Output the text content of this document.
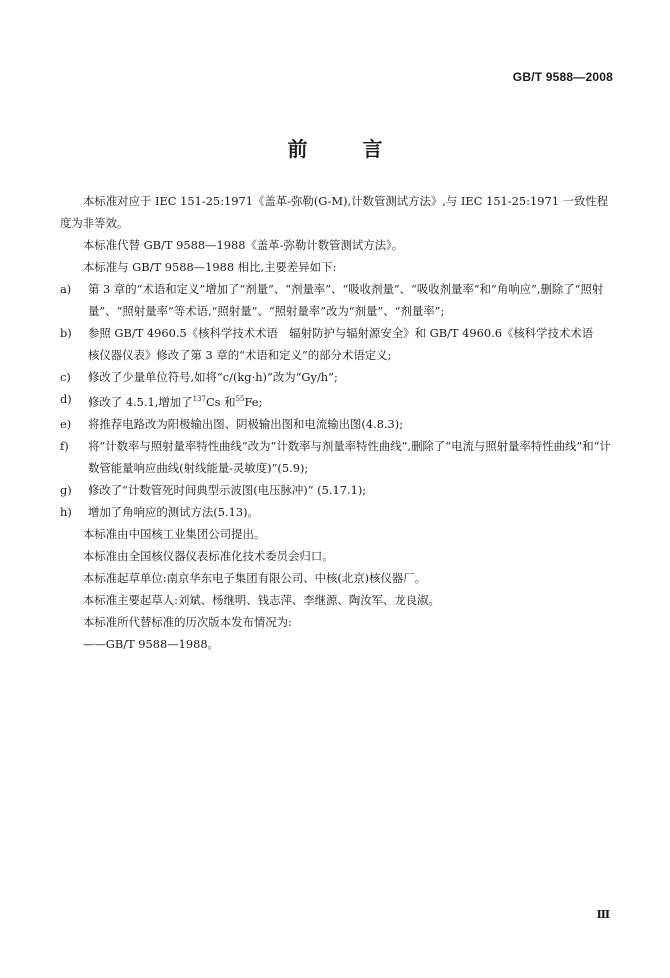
GB/T 9588—2008
前 言
本标准对应于 IEC 151-25:1971《盖革-弥勒(G-M),计数管测试方法》,与 IEC 151-25:1971 一致性程度为非等效。
本标准代替 GB/T 9588—1988《盖革-弥勒计数管测试方法》。
本标准与 GB/T 9588—1988 相比,主要差异如下:
a) 第 3 章的“术语和定义”增加了“剂量”、“剂量率”、“吸收剂量”、“吸收剂量率”和“角响应”,删除了“照射量”、“照射量率”等术语,“照射量”、“照射量率”改为“剂量”、“剂量率”;
b) 参照 GB/T 4960.5《核科学技术术语　辐射防护与辐射源安全》和 GB/T 4960.6《核科学技术术语　核仪器仪表》修改了第 3 章的“术语和定义”的部分术语定义;
c) 修改了少量单位符号,如将“c/(kg·h)”改为“Gy/h”;
d) 修改了 4.5.1,增加了$^{137}$Cs 和$^{55}$Fe;
e) 将推荐电路改为阳极输出图、阴极输出图和电流输出图(4.8.3);
f) 将“计数率与照射量率特性曲线”改为“计数率与剂量率特性曲线”,删除了“电流与照射量率特性曲线”和“计数管能量响应曲线(射线能量-灵敏度)”(5.9);
g) 修改了“计数管死时间典型示波图(电压脉冲)” (5.17.1);
h) 增加了角响应的测试方法(5.13)。
本标准由中国核工业集团公司提出。
本标准由全国核仪器仪表标准化技术委员会归口。
本标准起草单位:南京华东电子集团有限公司、中核(北京)核仪器厂。
本标准主要起草人:刘斌、杨继明、钱志萍、李继源、陶汝军、龙良淑。
本标准所代替标准的历次版本发布情况为:
——GB/T 9588—1988。
Ⅲ
